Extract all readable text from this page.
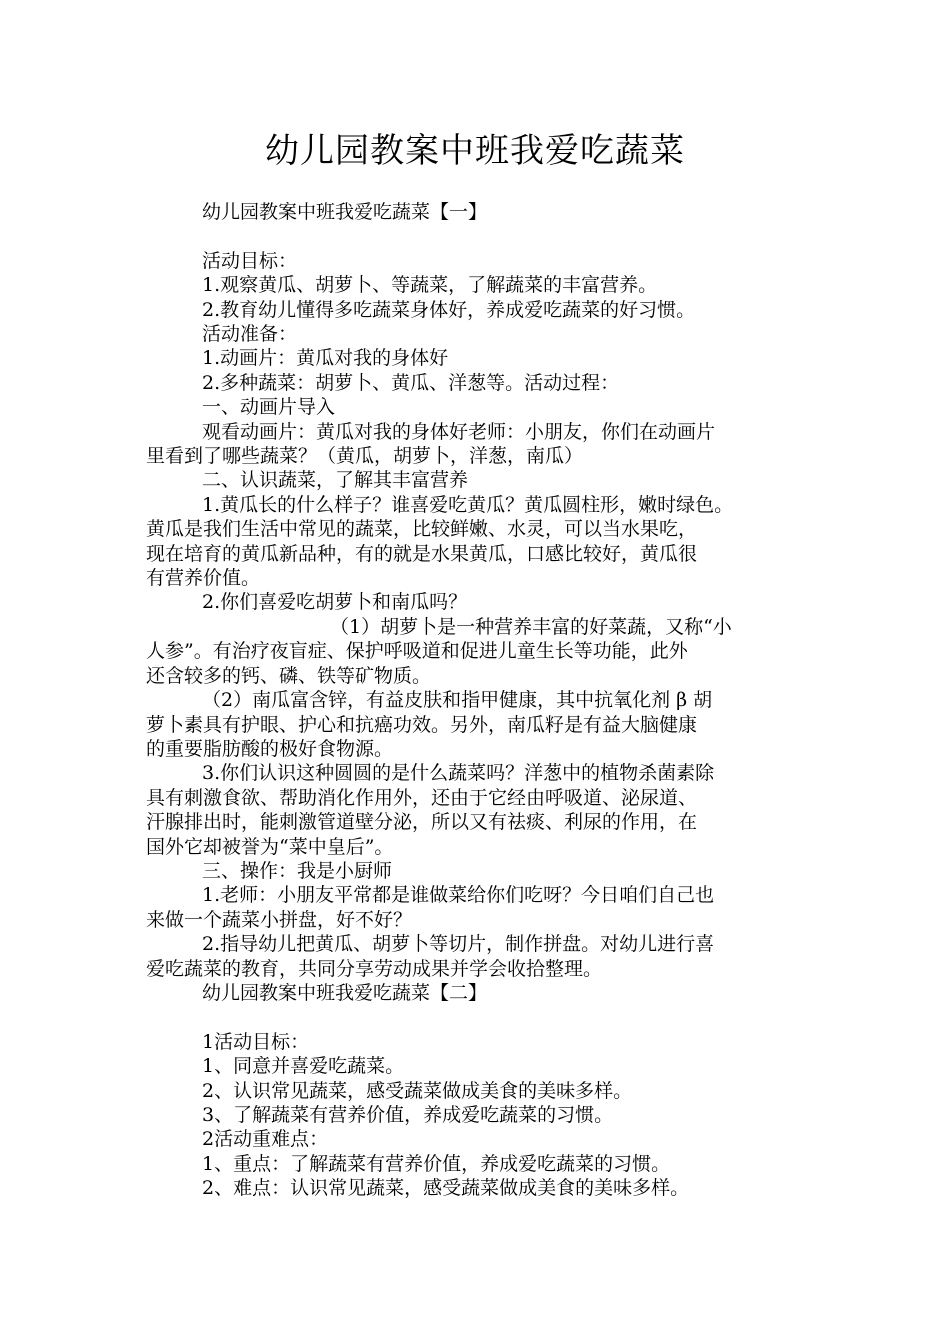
幼儿园教案中班我爱吃蔬菜
幼儿园教案中班我爱吃蔬菜【一】
活动目标：
1.观察黄瓜、胡萝卜、等蔬菜，了解蔬菜的丰富营养。
2.教育幼儿懂得多吃蔬菜身体好，养成爱吃蔬菜的好习惯。
活动准备：
1.动画片：黄瓜对我的身体好
2.多种蔬菜：胡萝卜、黄瓜、洋葱等。活动过程：
一、动画片导入
观看动画片：黄瓜对我的身体好老师：小朋友，你们在动画片
里看到了哪些蔬菜？（黄瓜，胡萝卜，洋葱，南瓜）
二、认识蔬菜，了解其丰富营养
1.黄瓜长的什么样子？谁喜爱吃黄瓜？黄瓜圆柱形，嫩时绿色。
黄瓜是我们生活中常见的蔬菜，比较鲜嫩、水灵，可以当水果吃，
现在培育的黄瓜新品种，有的就是水果黄瓜，口感比较好，黄瓜很
有营养价值。
2.你们喜爱吃胡萝卜和南瓜吗？
（1）胡萝卜是一种营养丰富的好菜蔬，又称“小
人参”。有治疗夜盲症、保护呼吸道和促进儿童生长等功能，此外
还含较多的钙、磷、铁等矿物质。
（2）南瓜富含锌，有益皮肤和指甲健康，其中抗氧化剂 β 胡
萝卜素具有护眼、护心和抗癌功效。另外，南瓜籽是有益大脑健康
的重要脂肪酸的极好食物源。
3.你们认识这种圆圆的是什么蔬菜吗？洋葱中的植物杀菌素除
具有刺激食欲、帮助消化作用外，还由于它经由呼吸道、泌尿道、
汗腺排出时，能刺激管道壁分泌，所以又有祛痰、利尿的作用，在
国外它却被誉为“菜中皇后”。
三、操作：我是小厨师
1.老师：小朋友平常都是谁做菜给你们吃呀？今日咱们自己也
来做一个蔬菜小拼盘，好不好？
2.指导幼儿把黄瓜、胡萝卜等切片，制作拼盘。对幼儿进行喜
爱吃蔬菜的教育，共同分享劳动成果并学会收拾整理。
幼儿园教案中班我爱吃蔬菜【二】
1活动目标：
1、同意并喜爱吃蔬菜。
2、认识常见蔬菜，感受蔬菜做成美食的美味多样。
3、了解蔬菜有营养价值，养成爱吃蔬菜的习惯。
2活动重难点：
1、重点：了解蔬菜有营养价值，养成爱吃蔬菜的习惯。
2、难点：认识常见蔬菜，感受蔬菜做成美食的美味多样。
